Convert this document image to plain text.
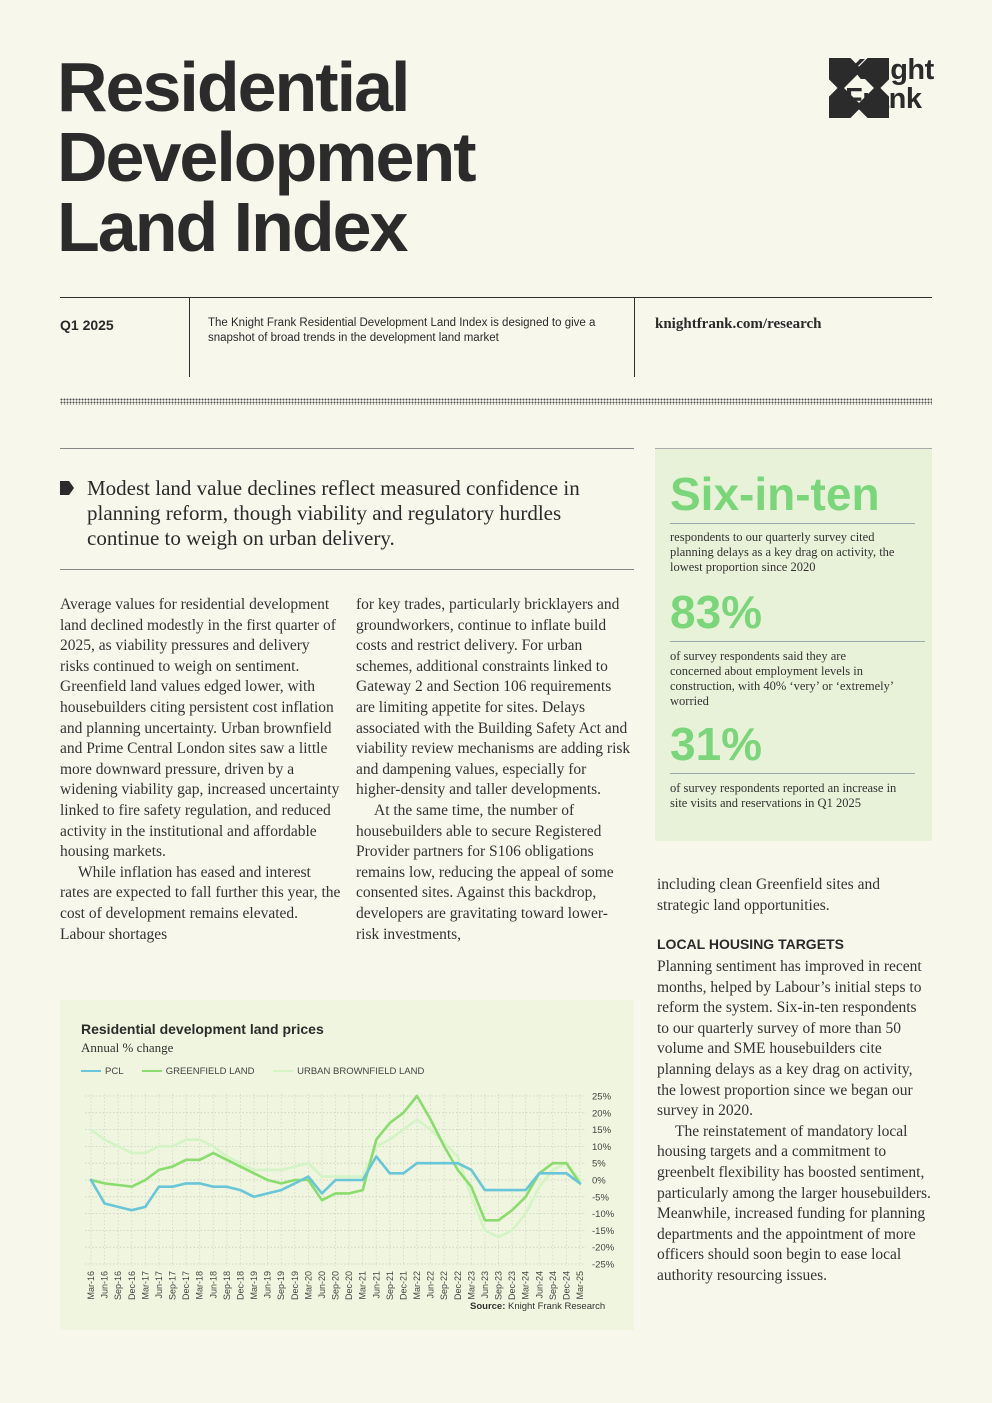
Residential
Development
Land Index
Knight
Frank
Q1 2025	The Knight Frank Residential Development Land Index is designed to give a snapshot of broad trends in the development land market
knightfrank.com/research
Modest land value declines reflect measured confidence in planning reform, though viability and regulatory hurdles continue to weigh on urban delivery.

Average values for residential development land declined modestly in the first quarter of 2025, as viability pressures and delivery risks continued to weigh on sentiment. Greenfield land values edged lower, with housebuilders citing persistent cost inflation and planning uncertainty. Urban brownfield and Prime Central London sites saw a little more downward pressure, driven by a widening viability gap, increased uncertainty linked to fire safety regulation, and reduced activity in the institutional and affordable housing markets.

While inflation has eased and interest rates are expected to fall further this year, the cost of development remains elevated. Labour shortages

for key trades, particularly bricklayers and groundworkers, continue to inflate build costs and restrict delivery. For urban schemes, additional constraints linked to Gateway 2 and Section 106 requirements are limiting appetite for sites. Delays associated with the Building Safety Act and viability review mechanisms are adding risk and dampening values, especially for higher-density and taller developments.

At the same time, the number of housebuilders able to secure Registered Provider partners for S106 obligations remains low, reducing the appeal of some consented sites. Against this backdrop, developers are gravitating toward lower-risk investments,

including clean Greenfield sites and strategic land opportunities.

LOCAL HOUSING TARGETS

Planning sentiment has improved in recent months, helped by Labour’s initial steps to reform the system. Six-in-ten respondents to our quarterly survey of more than 50 volume and SME housebuilders cite planning delays as a key drag on activity, the lowest proportion since we began our survey in 2020.

The reinstatement of mandatory local housing targets and a commitment to greenbelt flexibility has boosted sentiment, particularly among the larger housebuilders. Meanwhile, increased funding for planning departments and the appointment of more officers should soon begin to ease local authority resourcing issues.

Six-in-ten
respondents to our quarterly survey cited planning delays as a key drag on activity, the lowest proportion since 2020
83%
of survey respondents said they are concerned about employment levels in construction, with 40% ‘very’ or ‘extremely’ worried
31%
of survey respondents reported an increase in site visits and reservations in Q1 2025
Residential development land prices
Annual % change
PCL	GREENFIELD LAND	URBAN BROWNFIELD LAND
25%
20%
15%
10%
5%
0%
-5%
-10%
-15%
-20%
-25%
Mar-16 Jun-16 Sep-16 Dec-16 Mar-17 Jun-17 Sep-17 Dec-17 Mar-18 Jun-18 Sep-18 Dec-18 Mar-19 Jun-19 Sep-19 Dec-19 Mar-20 Jun-20 Sep-20 Dec-20 Mar-21 Jun-21 Sep-21 Dec-21 Mar-22 Jun-22 Sep-22 Dec-22 Mar-23 Jun-23 Sep-23 Dec-23 Mar-24 Jun-24 Sep-24 Dec-24 Mar-25
Source: Knight Frank Research
